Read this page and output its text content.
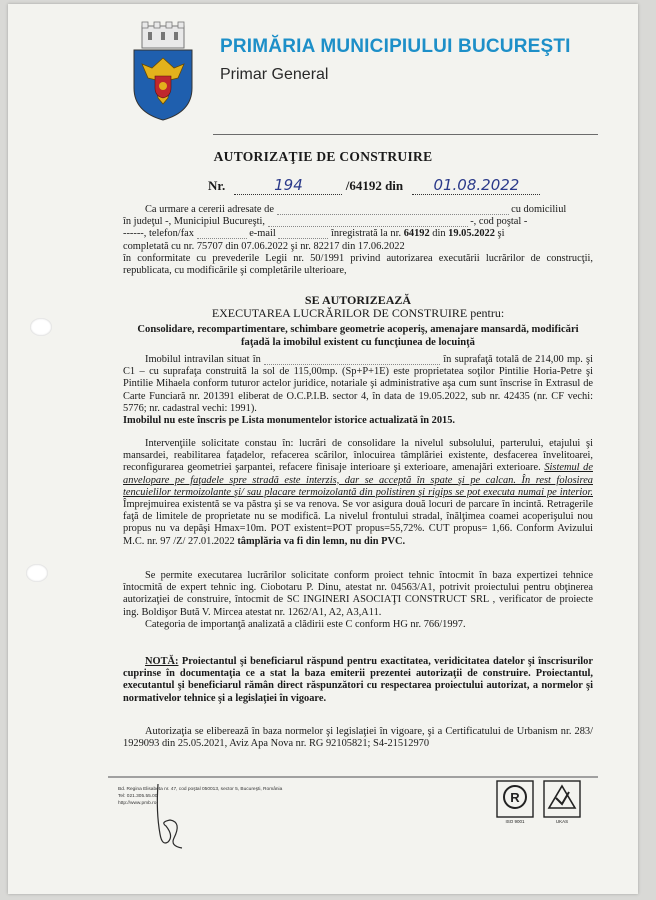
PRIMĂRIA MUNICIPIULUI BUCUREŞTI
Primar General
AUTORIZAŢIE DE CONSTRUIRE
Nr.	194	/64192 din 01.08.2022
Ca urmare a cererii adresate de	cu domiciliul
în judeţul -, Municipiul Bucureşti,	-, cod poştal -
------, telefon/fax	e-mail	înregistrată la nr. 64192 din 19.05.2022 şi
completată cu nr. 75707 din 07.06.2022 şi nr. 82217 din 17.06.2022
în conformitate cu prevederile Legii nr. 50/1991 privind autorizarea executării lucrărilor de construcţii, republicata, cu modificările şi completările ulterioare,
SE AUTORIZEAZĂ
EXECUTAREA LUCRĂRILOR DE CONSTRUIRE pentru:
Consolidare, recompartimentare, schimbare geometrie acoperiş, amenajare mansardă, modificări faţadă la imobilul existent cu funcţiunea de locuinţă
Imobilul intravilan situat în	în suprafaţă totală de 214,00 mp. şi C1 – cu suprafaţa construită la sol de 115,00mp. (Sp+P+1E) este proprietatea soţilor Pintilie Horia-Petre şi Pintilie Mihaela conform tuturor actelor juridice, notariale şi administrative aşa cum sunt înscrise în Extrasul de Carte Funciară nr. 201391 eliberat de O.C.P.I.B. sector 4, în data de 19.05.2022, sub nr. 42435 (nr. CF vechi: 5776; nr. cadastral vechi: 1991).
Imobilul nu este înscris pe Lista monumentelor istorice actualizată în 2015.
Intervenţiile solicitate constau în: lucrări de consolidare la nivelul subsolului, parterului, etajului şi mansardei, reabilitarea faţadelor, refacerea scărilor, înlocuirea tâmplăriei existente, desfacerea învelitoarei, reconfigurarea geometriei şarpantei, refacere finisaje interioare şi exterioare, amenajări exterioare. Sistemul de anvelopare pe faţadele spre stradă este interzis, dar se acceptă în spate şi pe calcan. În rest folosirea tencuielilor termoizolante şi/ sau placare termoizolantă din polistiren şi rigips se pot executa numai pe interior. Împrejmuirea existentă se va păstra şi se va renova. Se vor asigura două locuri de parcare în incintă. Retragerile faţă de limitele de proprietate nu se modifică. La nivelul frontului stradal, înălţimea coamei acoperişului nou propus nu va depăşi Hmax=10m. POT existent=POT propus=55,72%. CUT propus= 1,66. Conform Avizului M.C. nr. 97 /Z/ 27.01.2022 tâmplăria va fi din lemn, nu din PVC.
Se permite executarea lucrărilor solicitate conform proiect tehnic întocmit în baza expertizei tehnice întocmită de expert tehnic ing. Ciobotaru P. Dinu, atestat nr. 04563/A1, potrivit proiectului pentru obţinerea autorizaţiei de construire, întocmit de SC INGINERI ASOCIAŢI CONSTRUCT SRL , verificator de proiecte ing. Boldişor Bută V. Mircea atestat nr. 1262/A1, A2, A3,A11.
Categoria de importanţă analizată a clădirii este C conform HG nr. 766/1997.
NOTĂ: Proiectantul şi beneficiarul răspund pentru exactitatea, veridicitatea datelor şi înscrisurilor cuprinse în documentaţia ce a stat la baza emiterii prezentei autorizaţii de construire. Proiectantul, executantul şi beneficiarul rămân direct răspunzători cu respectarea proiectului autorizat, a normelor şi normativelor tehnice şi a legislaţiei în vigoare.
Autorizaţia se eliberează în baza normelor şi legislaţiei în vigoare, şi a Certificatului de Urbanism nr. 283/ 1929093 din 25.05.2021, Aviz Apa Nova nr. RG 92105821; S4-21512970
Bd. Regina Elisabeta nr. 47, cod poştal 050013, sector 5, Bucureşti, România
Tel: 021.305.55.00
http://www.pmb.ro	R
ISO 9001	UKAS
